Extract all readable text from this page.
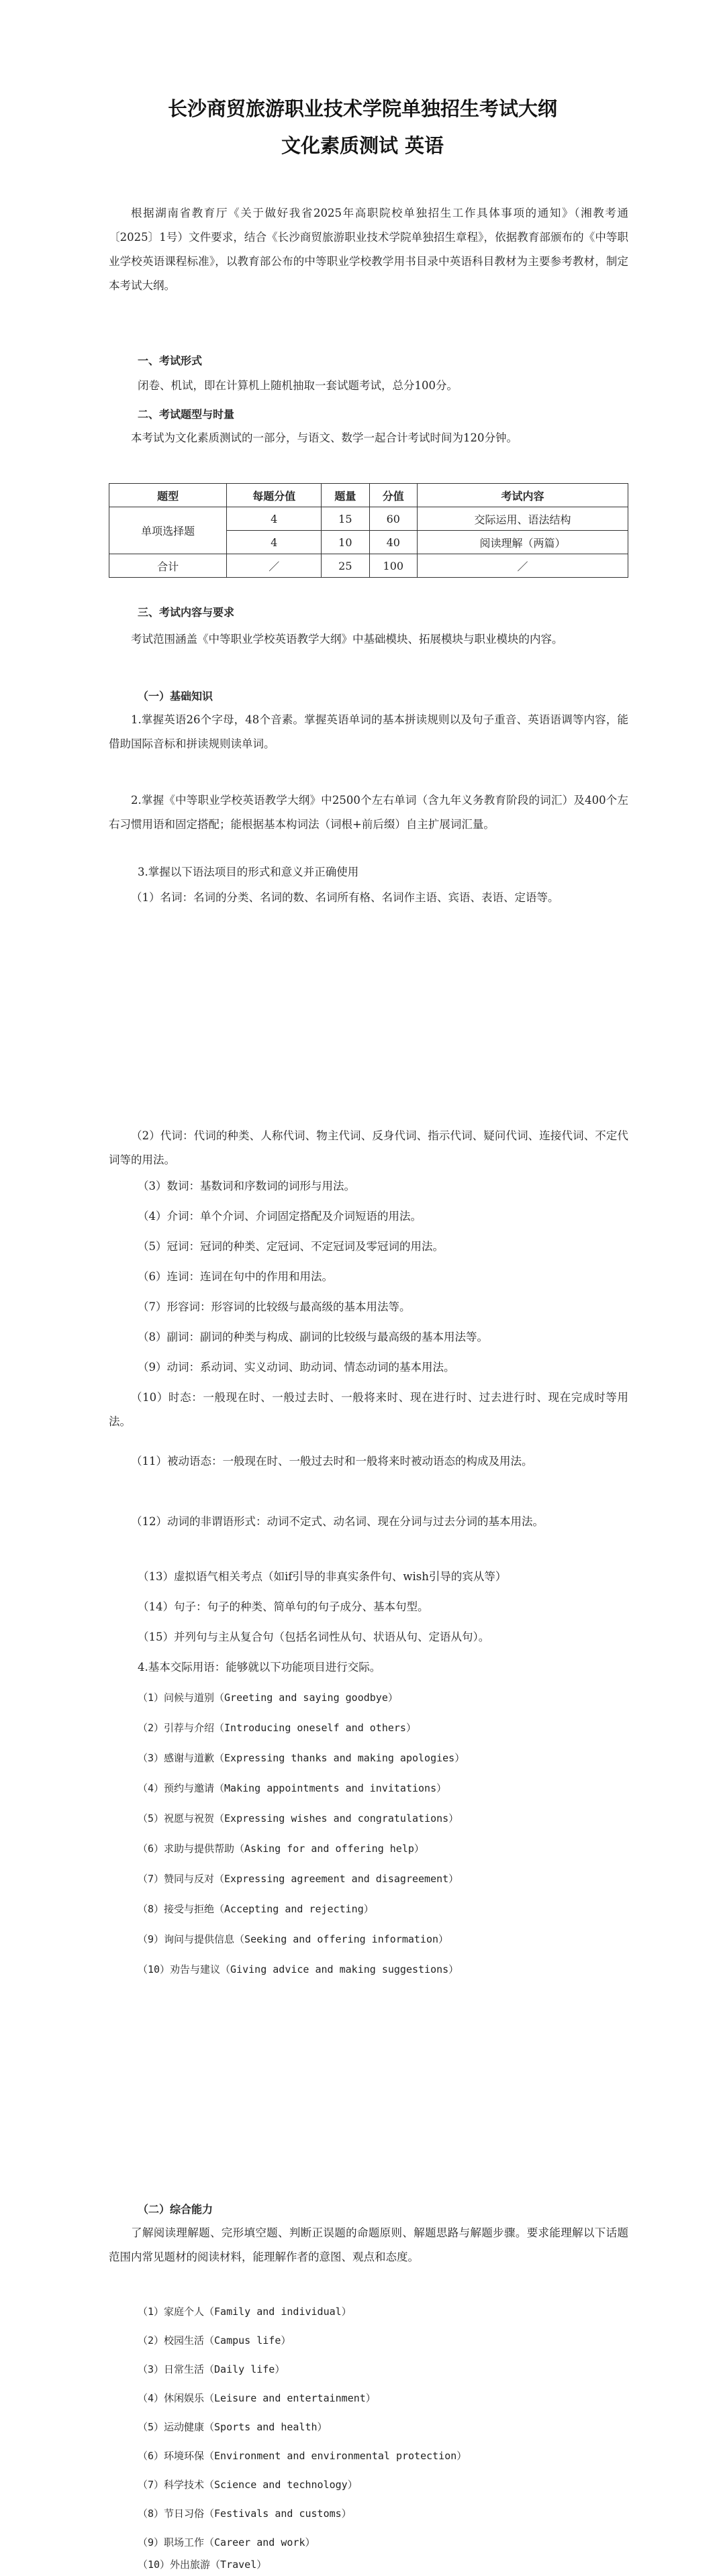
长沙商贸旅游职业技术学院单独招生考试大纲
文化素质测试 英语
根据湖南省教育厅《关于做好我省2025年高职院校单独招生工作具体事项的通知》（湘教考通〔2025〕1号）文件要求，结合《长沙商贸旅游职业技术学院单独招生章程》，依据教育部颁布的《中等职业学校英语课程标准》，以教育部公布的中等职业学校教学用书目录中英语科目教材为主要参考教材，制定本考试大纲。
一、考试形式
闭卷、机试，即在计算机上随机抽取一套试题考试，总分100分。
二、考试题型与时量
本考试为文化素质测试的一部分，与语文、数学一起合计考试时间为120分钟。
题型	每题分值	题量	分值	考试内容
单项选择题	4	15	60	交际运用、语法结构
	4	10	40	阅读理解（两篇）
合计	／	25	100	／
三、考试内容与要求
考试范围涵盖《中等职业学校英语教学大纲》中基础模块、拓展模块与职业模块的内容。
（一）基础知识
1.掌握英语26个字母，48个音素。掌握英语单词的基本拼读规则以及句子重音、英语语调等内容，能借助国际音标和拼读规则读单词。
2.掌握《中等职业学校英语教学大纲》中2500个左右单词（含九年义务教育阶段的词汇）及400个左右习惯用语和固定搭配；能根据基本构词法（词根+前后缀）自主扩展词汇量。
3.掌握以下语法项目的形式和意义并正确使用
（1）名词：名词的分类、名词的数、名词所有格、名词作主语、宾语、表语、定语等。
（2）代词：代词的种类、人称代词、物主代词、反身代词、指示代词、疑问代词、连接代词、不定代词等的用法。
（3）数词：基数词和序数词的词形与用法。
（4）介词：单个介词、介词固定搭配及介词短语的用法。
（5）冠词：冠词的种类、定冠词、不定冠词及零冠词的用法。
（6）连词：连词在句中的作用和用法。
（7）形容词：形容词的比较级与最高级的基本用法等。
（8）副词：副词的种类与构成、副词的比较级与最高级的基本用法等。
（9）动词：系动词、实义动词、助动词、情态动词的基本用法。
（10）时态：一般现在时、一般过去时、一般将来时、现在进行时、过去进行时、现在完成时等用法。
（11）被动语态：一般现在时、一般过去时和一般将来时被动语态的构成及用法。
（12）动词的非谓语形式：动词不定式、动名词、现在分词与过去分词的基本用法。
（13）虚拟语气相关考点（如if引导的非真实条件句、wish引导的宾从等）
（14）句子：句子的种类、简单句的句子成分、基本句型。
（15）并列句与主从复合句（包括名词性从句、状语从句、定语从句）。
4.基本交际用语：能够就以下功能项目进行交际。
（1）问候与道别（Greeting and saying goodbye）
（2）引荐与介绍（Introducing oneself and others）
（3）感谢与道歉（Expressing thanks and making apologies）
（4）预约与邀请（Making appointments and invitations）
（5）祝愿与祝贺（Expressing wishes and congratulations）
（6）求助与提供帮助（Asking for and offering help）
（7）赞同与反对（Expressing agreement and disagreement）
（8）接受与拒绝（Accepting and rejecting）
（9）询问与提供信息（Seeking and offering information）
（10）劝告与建议（Giving advice and making suggestions）
（二）综合能力
了解阅读理解题、完形填空题、判断正误题的命题原则、解题思路与解题步骤。要求能理解以下话题范围内常见题材的阅读材料，能理解作者的意图、观点和态度。
（1）家庭个人（Family and individual）
（2）校园生活（Campus life）
（3）日常生活（Daily life）
（4）休闲娱乐（Leisure and entertainment）
（5）运动健康（Sports and health）
（6）环境环保（Environment and environmental protection）
（7）科学技术（Science and technology）
（8）节日习俗（Festivals and customs）
（9）职场工作（Career and work）
（10）外出旅游（Travel）
